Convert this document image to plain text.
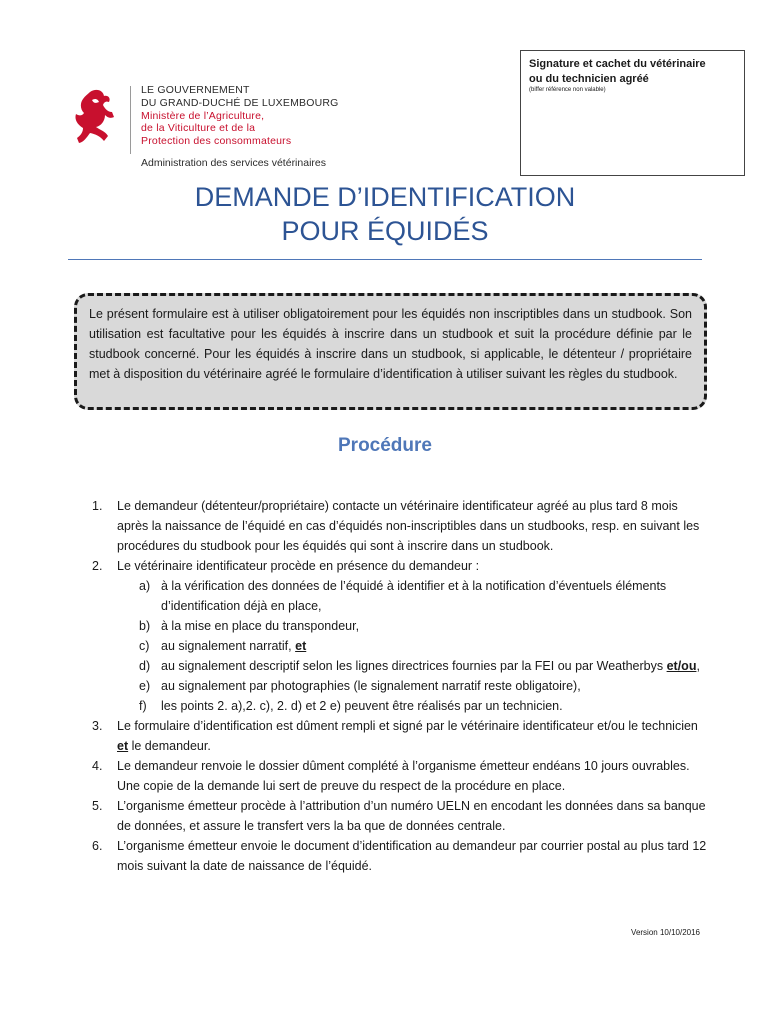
LE GOUVERNEMENT
DU GRAND-DUCHÉ DE LUXEMBOURG
Ministère de l’Agriculture,
de la Viticulture et de la
Protection des consommateurs
Administration des services vétérinaires
Signature et cachet du vétérinaire
ou du technicien agréé
(biffer référence non valable)
DEMANDE D’IDENTIFICATION
POUR ÉQUIDÉS
Le présent formulaire est à utiliser obligatoirement pour les équidés non inscriptibles dans un studbook. Son utilisation est facultative pour les équidés à inscrire dans un studbook et suit la procédure définie par le studbook concerné. Pour les équidés à inscrire dans un studbook, si applicable, le détenteur / propriétaire met à disposition du vétérinaire agréé le formulaire d’identification à utiliser suivant les règles du studbook.
Procédure
1. Le demandeur (détenteur/propriétaire) contacte un vétérinaire identificateur agréé au plus tard 8 mois après la naissance de l’équidé en cas d’équidés non-inscriptibles dans un studbooks, resp. en suivant les procédures du studbook pour les équidés qui sont à inscrire dans un studbook.
2. Le vétérinaire identificateur procède en présence du demandeur :
a) à la vérification des données de l’équidé à identifier et à la notification d’éventuels éléments d’identification déjà en place,
b) à la mise en place du transpondeur,
c) au signalement narratif, et
d) au signalement descriptif selon les lignes directrices fournies par la FEI ou par Weatherbys et/ou,
e) au signalement par photographies (le signalement narratif reste obligatoire),
f) les points 2. a),2. c), 2. d) et 2 e) peuvent être réalisés par un technicien.
3. Le formulaire d’identification est dûment rempli et signé par le vétérinaire identificateur et/ou le technicien et le demandeur.
4. Le demandeur renvoie le dossier dûment complété à l’organisme émetteur endéans 10 jours ouvrables. Une copie de la demande lui sert de preuve du respect de la procédure en place.
5. L’organisme émetteur procède à l’attribution d’un numéro UELN en encodant les données dans sa banque de données, et assure le transfert vers la ba que de données centrale.
6. L’organisme émetteur envoie le document d’identification au demandeur par courrier postal au plus tard 12 mois suivant la date de naissance de l’équidé.
Version 10/10/2016
